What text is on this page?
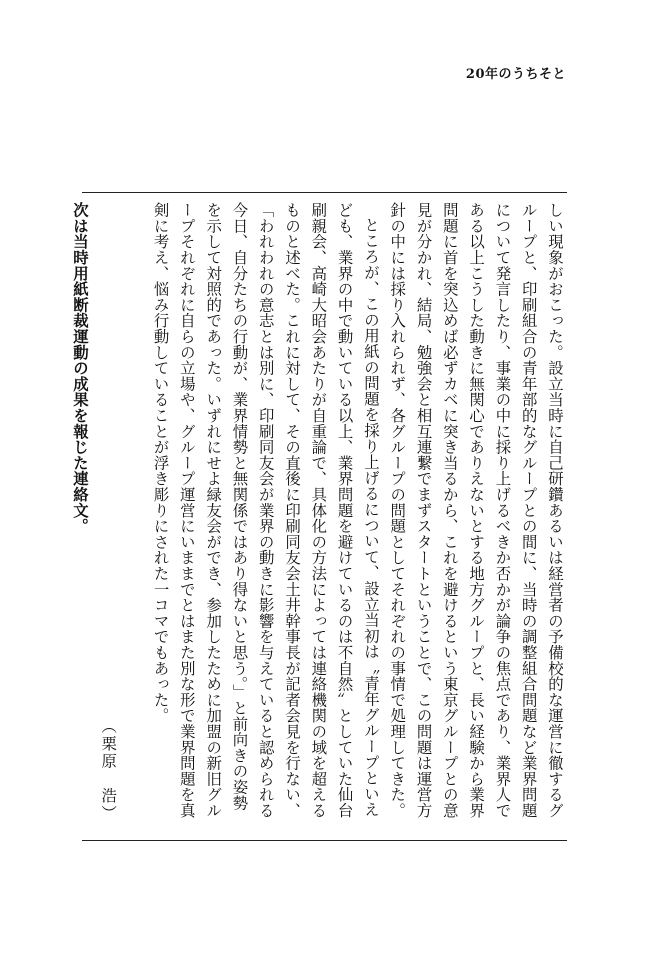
20年のうちそと

しい現象がおこった。設立当時に自己研鑽あるいは経営者の予備校的な運営に徹するグループと、印刷組合の青年部的なグループとの間に、当時の調整組合問題など業界問題について発言したり、事業の中に採り上げるべきか否かが論争の焦点であり、業界人である以上こうした動きに無関心でありえないとする地方グループと、長い経験から業界問題に首を突込めば必ずカベに突き当るから、これを避けるという東京グループとの意見が分かれ、結局、勉強会と相互連繋でまずスタートということで、この問題は運営方針の中には採り入れられず、各グループの問題としてそれぞれの事情で処理してきた。

ところが、この用紙の問題を採り上げるについて、設立当初は〝青年グループといえども、業界の中で動いている以上、業界問題を避けているのは不自然〟としていた仙台刷親会、高崎大昭会あたりが自重論で、具体化の方法によっては連絡機関の域を超えるものと述べた。これに対して、その直後に印刷同友会土井幹事長が記者会見を行ない、「われわれの意志とは別に、印刷同友会が業界の動きに影響を与えていると認められる今日、自分たちの行動が、業界情勢と無関係ではあり得ないと思う。」と前向きの姿勢を示して対照的であった。いずれにせよ緑友会ができ、参加したために加盟の新旧グループそれぞれに自らの立場や、グループ運営にいままでとはまた別な形で業界問題を真剣に考え、悩み行動していることが浮き彫りにされた一コマでもあった。

（栗原　浩）

次は当時用紙断裁運動の成果を報じた連絡文。
